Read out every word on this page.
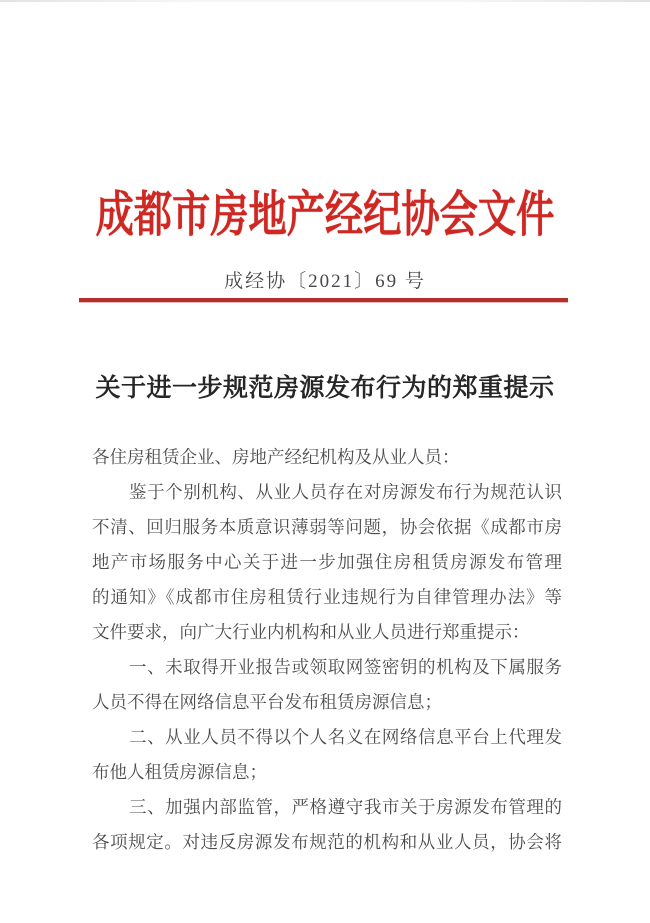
成都市房地产经纪协会文件
成经协〔2021〕69 号
关于进一步规范房源发布行为的郑重提示
各住房租赁企业、房地产经纪机构及从业人员：
鉴于个别机构、从业人员存在对房源发布行为规范认识
不清、回归服务本质意识薄弱等问题，协会依据《成都市房
地产市场服务中心关于进一步加强住房租赁房源发布管理
的通知》《成都市住房租赁行业违规行为自律管理办法》等
文件要求，向广大行业内机构和从业人员进行郑重提示：
一、未取得开业报告或领取网签密钥的机构及下属服务
人员不得在网络信息平台发布租赁房源信息；
二、从业人员不得以个人名义在网络信息平台上代理发
布他人租赁房源信息；
三、加强内部监管，严格遵守我市关于房源发布管理的
各项规定。对违反房源发布规范的机构和从业人员，协会将
